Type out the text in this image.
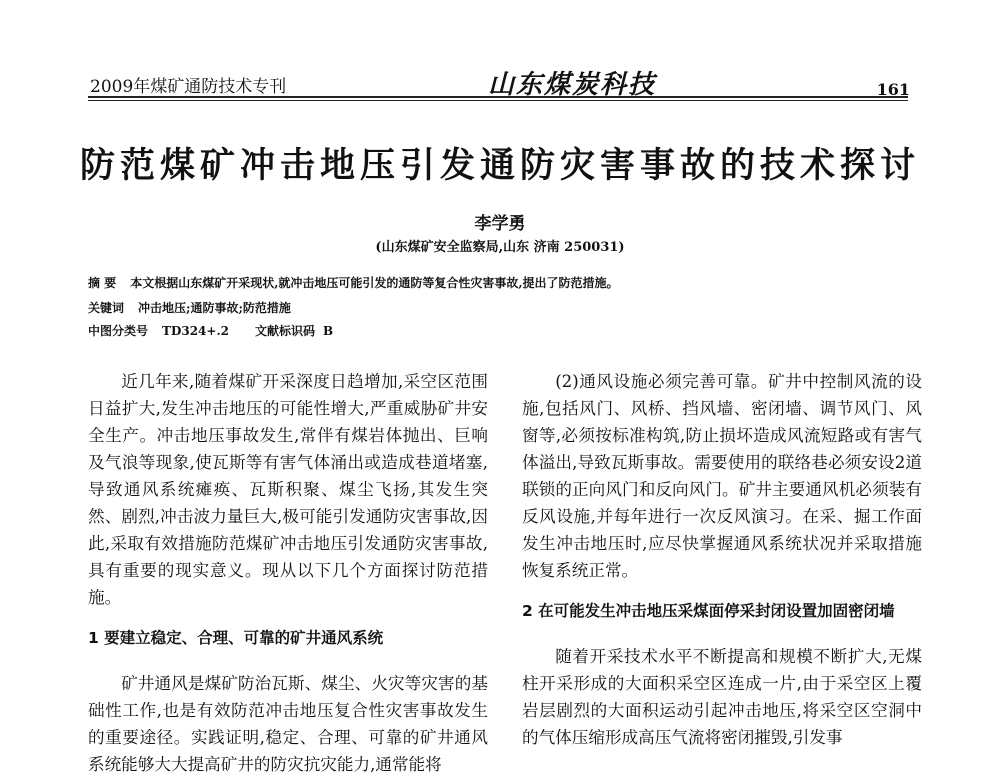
2009年煤矿通防技术专刊	山东煤炭科技	161
防范煤矿冲击地压引发通防灾害事故的技术探讨
李学勇
(山东煤矿安全监察局,山东 济南 250031)
摘 要 本文根据山东煤矿开采现状,就冲击地压可能引发的通防等复合性灾害事故,提出了防范措施。
关键词 冲击地压;通防事故;防范措施
中图分类号 TD324+.2 文献标识码 B

近几年来,随着煤矿开采深度日趋增加,采空区范围日益扩大,发生冲击地压的可能性增大,严重威胁矿井安全生产。冲击地压事故发生,常伴有煤岩体抛出、巨响及气浪等现象,使瓦斯等有害气体涌出或造成巷道堵塞,导致通风系统瘫痪、瓦斯积聚、煤尘飞扬,其发生突然、剧烈,冲击波力量巨大,极可能引发通防灾害事故,因此,采取有效措施防范煤矿冲击地压引发通防灾害事故,具有重要的现实意义。现从以下几个方面探讨防范措施。

1 要建立稳定、合理、可靠的矿井通风系统

矿井通风是煤矿防治瓦斯、煤尘、火灾等灾害的基础性工作,也是有效防范冲击地压复合性灾害事故发生的重要途径。实践证明,稳定、合理、可靠的矿井通风系统能够大大提高矿井的防灾抗灾能力,通常能将

(2)通风设施必须完善可靠。矿井中控制风流的设施,包括风门、风桥、挡风墙、密闭墙、调节风门、风窗等,必须按标准构筑,防止损坏造成风流短路或有害气体溢出,导致瓦斯事故。需要使用的联络巷必须安设2道联锁的正向风门和反向风门。矿井主要通风机必须装有反风设施,并每年进行一次反风演习。在采、掘工作面发生冲击地压时,应尽快掌握通风系统状况并采取措施恢复系统正常。

2 在可能发生冲击地压采煤面停采封闭设置加固密闭墙

随着开采技术水平不断提高和规模不断扩大,无煤柱开采形成的大面积采空区连成一片,由于采空区上覆岩层剧烈的大面积运动引起冲击地压,将采空区空洞中的气体压缩形成高压气流将密闭摧毁,引发事
